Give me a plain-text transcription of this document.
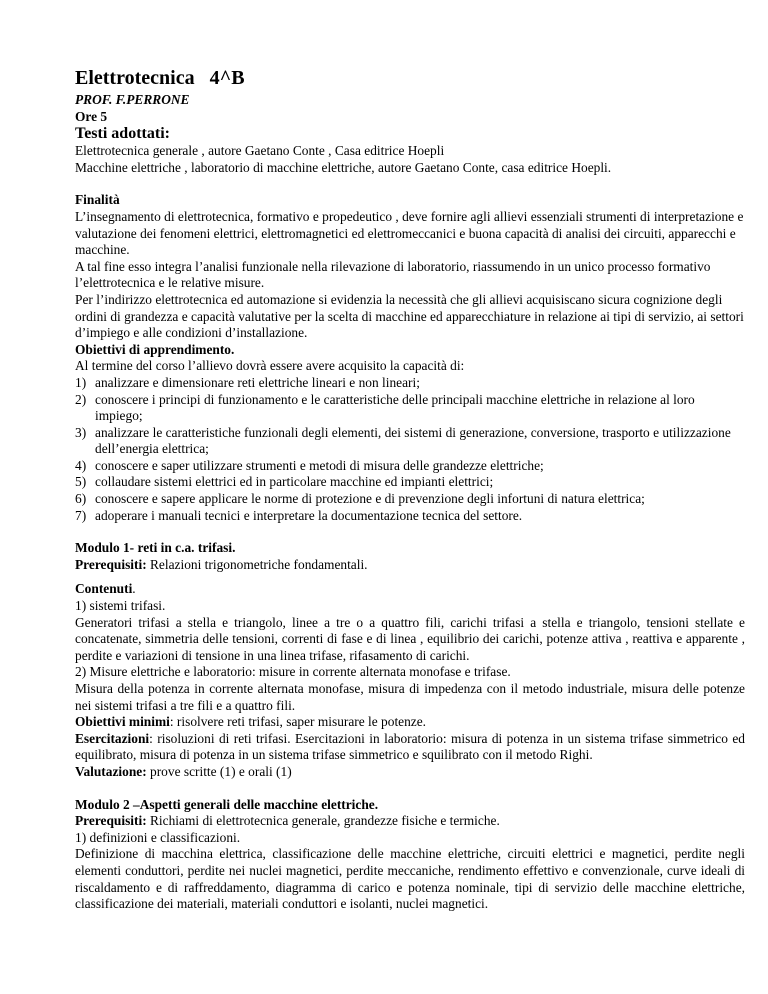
Elettrotecnica   4^B
PROF. F.PERRONE
Ore 5
Testi adottati:
Elettrotecnica generale , autore Gaetano Conte , Casa editrice Hoepli
Macchine elettriche , laboratorio di macchine elettriche, autore Gaetano Conte, casa editrice Hoepli.
Finalità
L’insegnamento di elettrotecnica, formativo e propedeutico , deve fornire agli allievi essenziali strumenti di interpretazione e valutazione dei fenomeni elettrici, elettromagnetici ed elettromeccanici e buona capacità di analisi dei circuiti, apparecchi e macchine.
A tal fine esso integra l’analisi funzionale nella rilevazione di laboratorio, riassumendo in un unico processo formativo l’elettrotecnica e le relative misure.
Per l’indirizzo elettrotecnica ed automazione si evidenzia la necessità che gli allievi acquisiscano sicura cognizione degli ordini di grandezza e capacità valutative per la scelta di macchine ed apparecchiature in relazione ai tipi di servizio, ai settori d’impiego e alle condizioni d’installazione.
Obiettivi di apprendimento.
Al termine del corso l’allievo dovrà essere avere acquisito la capacità di:
1) analizzare e dimensionare reti elettriche lineari e non lineari;
2) conoscere i principi di funzionamento e le caratteristiche delle principali macchine elettriche in relazione al loro impiego;
3) analizzare le caratteristiche funzionali degli elementi, dei sistemi di generazione, conversione, trasporto e utilizzazione dell’energia elettrica;
4) conoscere e saper utilizzare strumenti e metodi di misura delle grandezze elettriche;
5) collaudare sistemi elettrici ed in particolare macchine ed impianti elettrici;
6) conoscere e sapere applicare le norme di protezione e di prevenzione degli infortuni di natura elettrica;
7) adoperare i manuali tecnici e interpretare la documentazione tecnica del settore.
Modulo 1- reti in c.a. trifasi.
Prerequisiti: Relazioni trigonometriche fondamentali.
Contenuti.
1) sistemi trifasi.
Generatori trifasi a stella e triangolo, linee a tre o a quattro fili, carichi trifasi a stella e triangolo, tensioni stellate e concatenate, simmetria delle tensioni, correnti di fase e di linea , equilibrio dei carichi, potenze attiva , reattiva e apparente , perdite e variazioni di tensione in una linea trifase, rifasamento di carichi.
2) Misure elettriche e laboratorio: misure in corrente alternata monofase e trifase.
Misura della potenza in corrente alternata monofase, misura di impedenza con il metodo industriale, misura delle potenze nei sistemi trifasi a tre fili e a quattro fili.
Obiettivi minimi: risolvere reti trifasi, saper misurare le potenze.
Esercitazioni: risoluzioni di reti trifasi. Esercitazioni in laboratorio: misura di potenza in un sistema trifase simmetrico ed equilibrato, misura di potenza in un sistema trifase simmetrico e squilibrato con il metodo Righi.
Valutazione: prove scritte (1) e orali (1)
Modulo 2 –Aspetti generali delle macchine elettriche.
Prerequisiti: Richiami di elettrotecnica generale, grandezze fisiche e termiche.
1) definizioni e classificazioni.
Definizione di macchina elettrica, classificazione delle macchine elettriche, circuiti elettrici e magnetici, perdite negli elementi conduttori, perdite nei nuclei magnetici, perdite meccaniche, rendimento effettivo e convenzionale, curve ideali di riscaldamento e di raffreddamento, diagramma di carico e potenza nominale, tipi di servizio delle macchine elettriche, classificazione dei materiali, materiali conduttori e isolanti, nuclei magnetici.
